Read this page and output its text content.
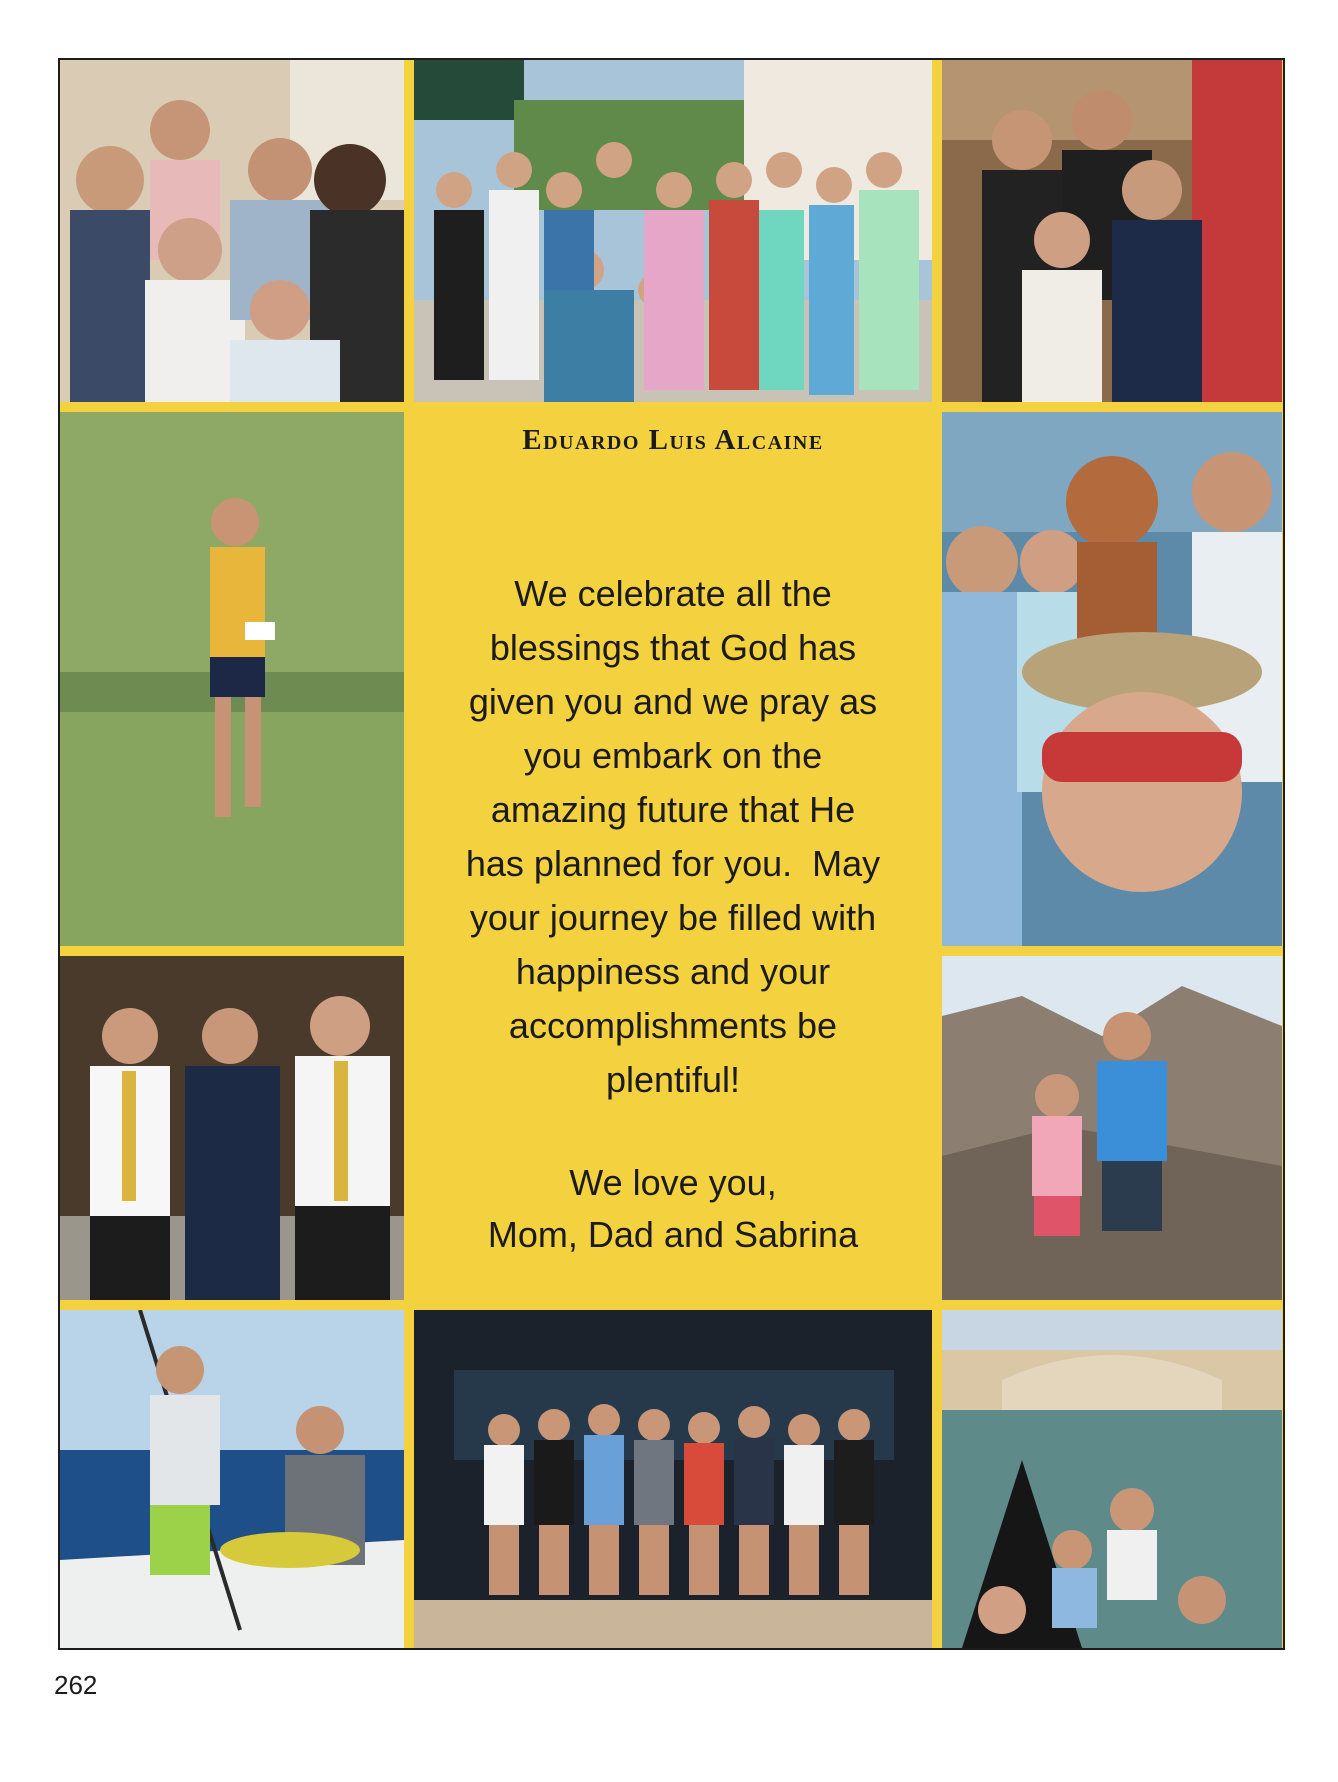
Eduardo Luis Alcaine
We celebrate all the
blessings that God has
given you and we pray as
you embark on the
amazing future that He
has planned for you.  May
your journey be filled with
happiness and your
accomplishments be
plentiful!
We love you,
Mom, Dad and Sabrina
262
